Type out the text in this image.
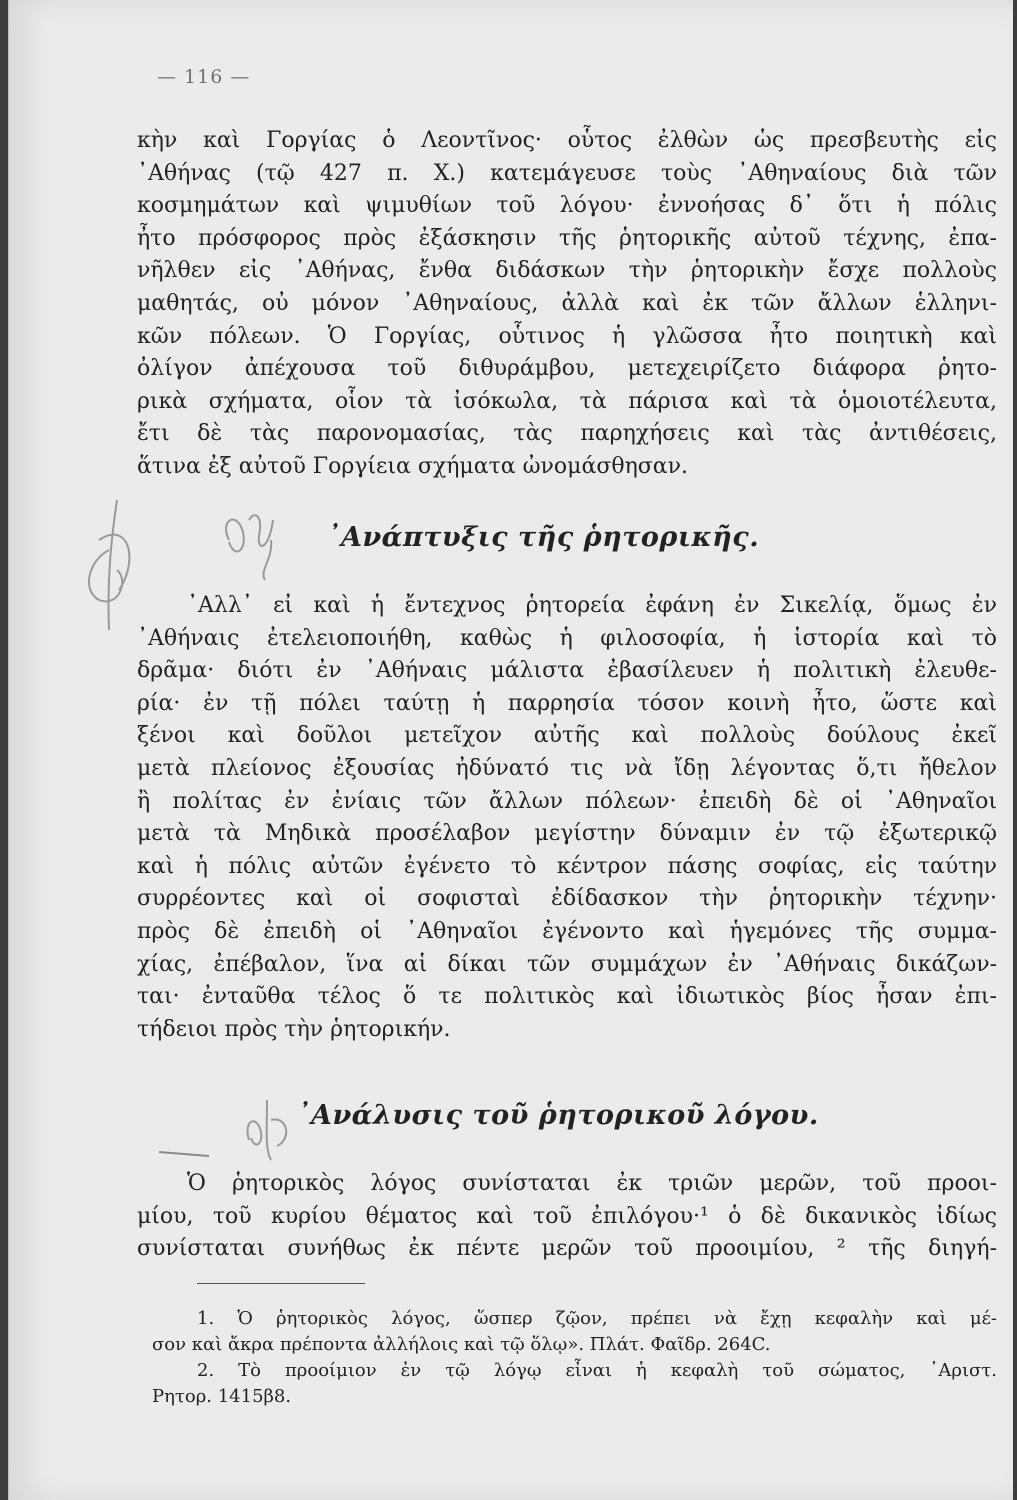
— 116 —
κὴν καὶ Γοργίας ὁ Λεοντῖνος· οὗτος ἐλθὼν ὡς πρεσβευτὴς εἰς
᾿Αθήνας (τῷ 427 π. Χ.) κατεμάγευσε τοὺς ᾿Αθηναίους διὰ τῶν
κοσμημάτων καὶ ψιμυθίων τοῦ λόγου· ἐννοήσας δ᾿ ὅτι ἡ πόλις
ἦτο πρόσφορος πρὸς ἐξάσκησιν τῆς ῥητορικῆς αὐτοῦ τέχνης, ἐπα-
νῆλθεν εἰς ᾿Αθήνας, ἔνθα διδάσκων τὴν ῥητορικὴν ἔσχε πολλοὺς
μαθητάς, οὐ μόνον ᾿Αθηναίους, ἀλλὰ καὶ ἐκ τῶν ἄλλων ἑλληνι-
κῶν πόλεων. Ὁ Γοργίας, οὗτινος ἡ γλῶσσα ἦτο ποιητικὴ καὶ
ὀλίγον ἀπέχουσα τοῦ διθυράμβου, μετεχειρίζετο διάφορα ῥητο-
ρικὰ σχήματα, οἷον τὰ ἰσόκωλα, τὰ πάρισα καὶ τὰ ὁμοιοτέλευτα,
ἔτι δὲ τὰς παρονομασίας, τὰς παρηχήσεις καὶ τὰς ἀντιθέσεις,
ἅτινα ἐξ αὐτοῦ Γοργίεια σχήματα ὠνομάσθησαν.
᾿Ανάπτυξις τῆς ῥητορικῆς.
᾿Αλλ᾿ εἰ καὶ ἡ ἔντεχνος ῥητορεία ἐφάνη ἐν Σικελίᾳ, ὅμως ἐν
᾿Αθήναις ἐτελειοποιήθη, καθὼς ἡ φιλοσοφία, ἡ ἱστορία καὶ τὸ
δρᾶμα· διότι ἐν ᾿Αθήναις μάλιστα ἐβασίλευεν ἡ πολιτικὴ ἐλευθε-
ρία· ἐν τῇ πόλει ταύτῃ ἡ παρρησία τόσον κοινὴ ἦτο, ὥστε καὶ
ξένοι καὶ δοῦλοι μετεῖχον αὐτῆς καὶ πολλοὺς δούλους ἐκεῖ
μετὰ πλείονος ἐξουσίας ἠδύνατό τις νὰ ἴδῃ λέγοντας ὅ,τι ἤθελον
ἢ πολίτας ἐν ἐνίαις τῶν ἄλλων πόλεων· ἐπειδὴ δὲ οἱ ᾿Αθηναῖοι
μετὰ τὰ Μηδικὰ προσέλαβον μεγίστην δύναμιν ἐν τῷ ἐξωτερικῷ
καὶ ἡ πόλις αὐτῶν ἐγένετο τὸ κέντρον πάσης σοφίας, εἰς ταύτην
συρρέοντες καὶ οἱ σοφισταὶ ἐδίδασκον τὴν ῥητορικὴν τέχνην·
πρὸς δὲ ἐπειδὴ οἱ ᾿Αθηναῖοι ἐγένοντο καὶ ἡγεμόνες τῆς συμμα-
χίας, ἐπέβαλον, ἵνα αἱ δίκαι τῶν συμμάχων ἐν ᾿Αθήναις δικάζων-
ται· ἐνταῦθα τέλος ὅ τε πολιτικὸς καὶ ἰδιωτικὸς βίος ἦσαν ἐπι-
τήδειοι πρὸς τὴν ῥητορικήν.
᾿Ανάλυσις τοῦ ῥητορικοῦ λόγου.
Ὁ ῥητορικὸς λόγος συνίσταται ἐκ τριῶν μερῶν, τοῦ προοι-
μίου, τοῦ κυρίου θέματος καὶ τοῦ ἐπιλόγου·¹ ὁ δὲ δικανικὸς ἰδίως
συνίσταται συνήθως ἐκ πέντε μερῶν τοῦ προοιμίου, ² τῆς διηγή-
1. Ὁ ῥητορικὸς λόγος, ὥσπερ ζῷον, πρέπει νὰ ἔχῃ κεφαλὴν καὶ μέ-
σον καὶ ἄκρα πρέποντα ἀλλήλοις καὶ τῷ ὅλῳ». Πλάτ. Φαῖδρ. 264C.
2. Τὸ προοίμιον ἐν τῷ λόγῳ εἶναι ἡ κεφαλὴ τοῦ σώματος, ᾿Αριστ.
Ρητορ. 1415β8.
